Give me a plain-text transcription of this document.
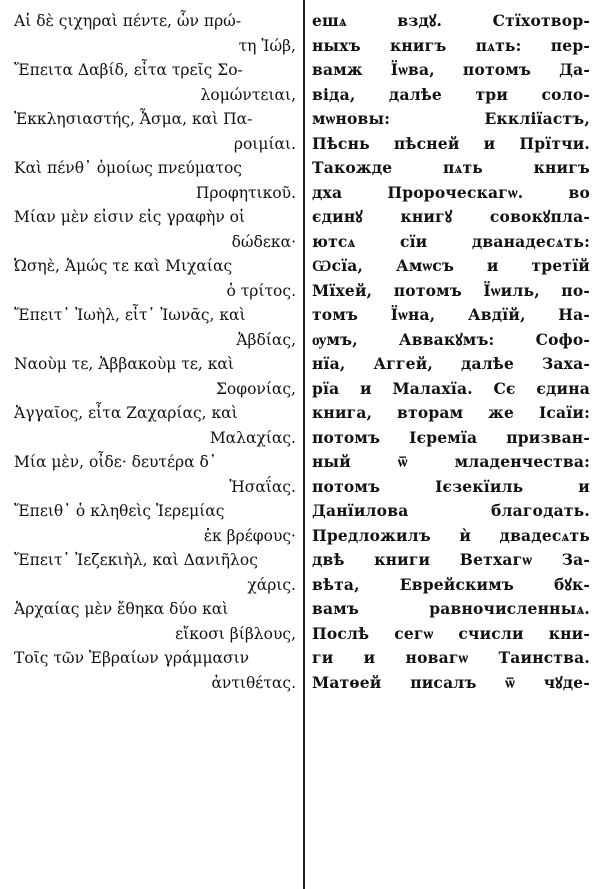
Αἱ δὲ ςιχηραὶ πέντε, ὧν πρώ-
τη Ἰώβ,
Ἔπειτα Δαβίδ, εἶτα τρεῖς Σο-
λομώντειαι,
Ἐκκλησιαστής, Ἆσμα, καὶ Πα-
ροιμίαι.
Καὶ πένθ᾽ ὁμοίως πνεύματος
Προφητικοῦ.
Μίαν μὲν εἰσιν εἰς γραφὴν οἱ
δώδεκα·
Ὠσηὲ, Ἀμώς τε καὶ Μιχαίας
ὁ τρίτος.
Ἔπειτ᾽ Ἰωὴλ, εἶτ᾽ Ἰωνᾶς, καὶ
Ἀβδίας,
Ναοὺμ τε, Ἀββακοὺμ τε, καὶ
Σοφονίας,
Ἀγγαῖος, εἶτα Ζαχαρίας, καὶ
Μαλαχίας.
Μία μὲν, οἶδε· δευτέρα δ᾽
Ἡσαΐας.
Ἔπειθ᾽ ὁ κληθεὶς Ἱερεμίας
ἐκ βρέφους·
Ἔπειτ᾽ Ἰεζεκιὴλ, καὶ Δανιῆλος
χάρις.
Ἀρχαίας μὲν ἔθηκα δύο καὶ
εἴκοσι βίβλους,
Τοῖς τῶν Ἑβραίων γράμμασιν
ἀντιθέτας.
ешѧ вздꙋ. Стїхотвор-
ныхъ книгъ пѧть: пер-
вамж Їѡва, потомъ Да-
віда, далѣе три соло-
мѡновы: Еккліїастъ,
Пѣснь пѣсней и Прїтчи.
Такожде пѧть книгъ
дха Пророческагѡ. во
єдинꙋ книгꙋ совокꙋпла-
ютсѧ сїи дванадесѧть:
Ѡсїа, Амѡсъ и третїй
Мїхей, потомъ Їѡиль, по-
томъ Їѡна, Авдїй, На-
ѹмъ, Аввакꙋмъ: Софо-
нїа, Аггей, далѣе Заха-
рїа и Малахїа. Сє єдина
книга, вторам же Ісаїи:
потомъ Ієремїа призван-
ный ѿ младенчества:
потомъ Ієзекїиль и
Данїилова благодать.
Предложилъ ѝ двадесѧть
двѣ книги Ветхагѡ За-
вѣта, Еврейскимъ бꙋк-
вамъ равночисленныѧ.
Послѣ сегѡ счисли кни-
ги и новагѡ Таинства.
Матѳей писалъ ѿ чꙋде-
